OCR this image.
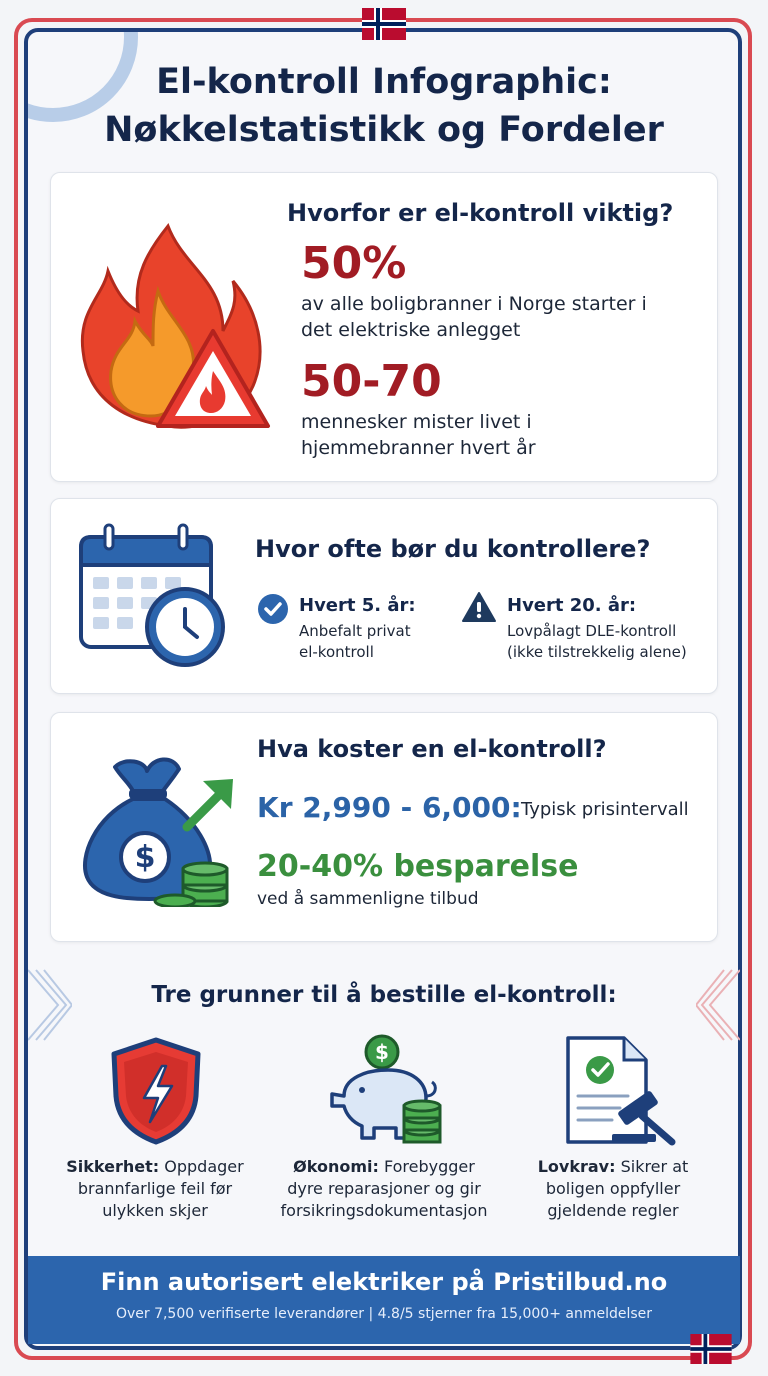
El-kontroll Infographic:
Nøkkelstatistikk og Fordeler
Hvorfor er el-kontroll viktig?
50%
av alle boligbranner i Norge starter i
det elektriske anlegget
50-70
mennesker mister livet i
hjemmebranner hvert år
Hvor ofte bør du kontrollere?
Hvert 5. år:
Anbefalt privat
el-kontroll
Hvert 20. år:
Lovpålagt DLE-kontroll
(ikke tilstrekkelig alene)
$
Hva koster en el-kontroll?
Kr 2,990 - 6,000: Typisk prisintervall
20-40% besparelse
ved å sammenligne tilbud
Tre grunner til å bestille el-kontroll:
$
Sikkerhet: Oppdager
brannfarlige feil før
ulykken skjer
Økonomi: Forebygger
dyre reparasjoner og gir
forsikringsdokumentasjon
Lovkrav: Sikrer at
boligen oppfyller
gjeldende regler
Finn autorisert elektriker på Pristilbud.no
Over 7,500 verifiserte leverandører | 4.8/5 stjerner fra 15,000+ anmeldelser
